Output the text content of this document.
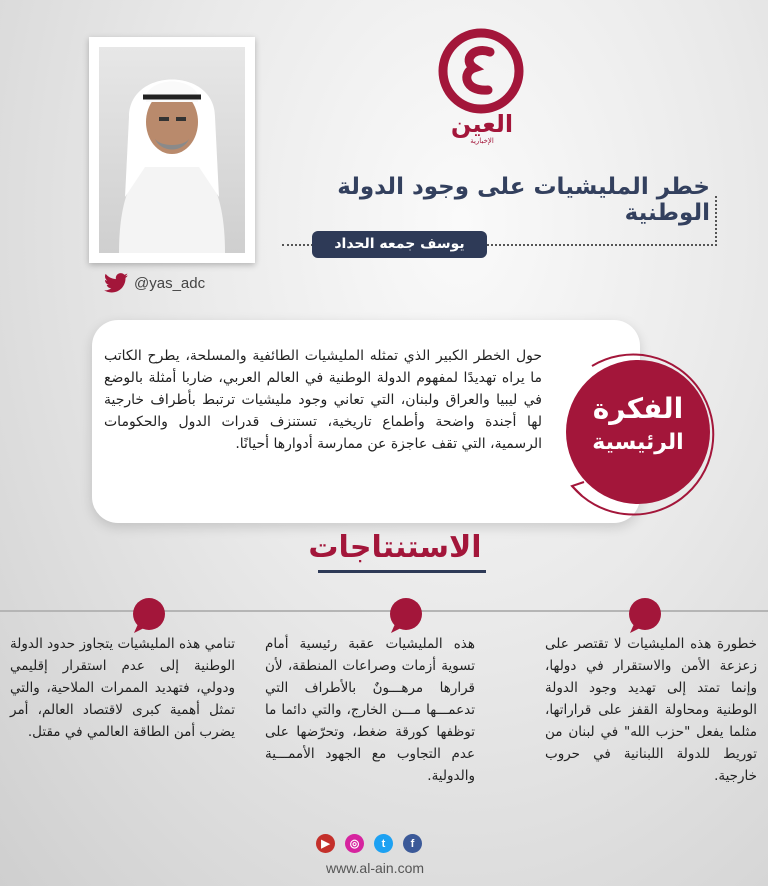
العين
الإخبارية
خطر المليشيات على وجود الدولة الوطنية
يوسف جمعه الحداد
@yas_adc
حول الخطر الكبير الذي تمثله المليشيات الطائفية والمسلحة، يطرح الكاتب ما يراه تهديدًا لمفهوم الدولة الوطنية في العالم العربي، ضاربا أمثلة بالوضع في ليبيا والعراق ولبنان، التي تعاني وجود مليشيات ترتبط بأطراف خارجية لها أجندة واضحة وأطماع تاريخية، تستنزف قدرات الدول والحكومات الرسمية، التي تقف عاجزة عن ممارسة أدوارها أحيانًا.
الفكرة
الرئيسية
الاستنتاجات
خطورة هذه المليشيات لا تقتصر على زعزعة الأمن والاستقرار في دولها، وإنما تمتد إلى تهديد وجود الدولة الوطنية ومحاولة القفز على قراراتها، مثلما يفعل "حزب الله" في لبنان من توريط للدولة اللبنانية في حروب خارجية.
هذه المليشيات عقبة رئيسية أمام تسوية أزمات وصراعات المنطقة، لأن قرارها مرهـــونٌ بالأطراف التي تدعمـــها مـــن الخارج، والتي دائما ما توظفها كورقة ضغط، وتحرّضها على عدم التجاوب مع الجهود الأممـــية والدولية.
تنامي هذه المليشيات يتجاوز حدود الدولة الوطنية إلى عدم استقرار إقليمي ودولي، فتهديد الممرات الملاحية، والتي تمثل أهمية كبرى لاقتصاد العالم، أمر يضرب أمن الطاقة العالمي في مقتل.
▶	◎	t	f
www.al-ain.com
